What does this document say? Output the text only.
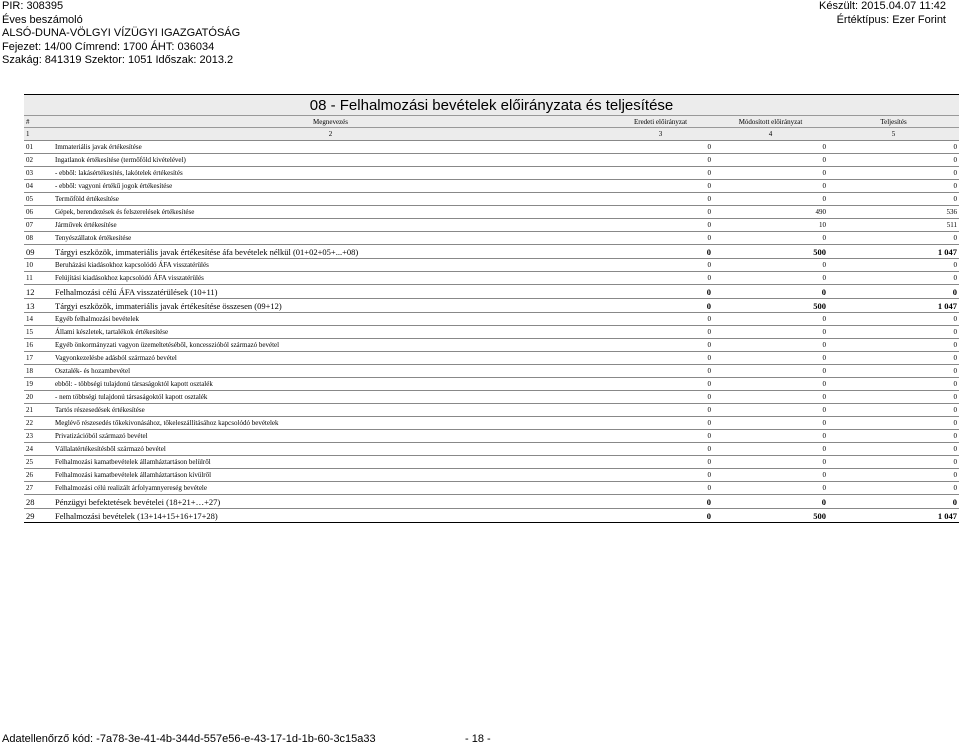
PIR: 308395
Éves beszámoló
ALSÓ-DUNA-VÖLGYI VÍZÜGYI IGAZGATÓSÁG
Fejezet: 14/00 Címrend: 1700 ÁHT: 036034
Szakág: 841319 Szektor: 1051 Időszak: 2013.2
Készült: 2015.04.07 11:42
Értéktípus: Ezer Forint
08 - Felhalmozási bevételek előirányzata és teljesítése				
#	Megnevezés	Eredeti előirányzat	Módosított előirányzat	Teljesítés
1	2	3	4	5
01	Immateriális javak értékesítése	0	0	0
02	Ingatlanok értékesítése (termőföld kivételével)	0	0	0
03	- ebből: lakásértékesítés, lakótelek értékesítés	0	0	0
04	- ebből: vagyoni értékű jogok értékesítése	0	0	0
05	Termőföld értékesítése	0	0	0
06	Gépek, berendezések és felszerelések értékesítése	0	490	536
07	Járművek értékesítése	0	10	511
08	Tenyészállatok értékesítése	0	0	0
09	Tárgyi eszközök, immateriális javak értékesítése áfa bevételek nélkül (01+02+05+...+08)	0	500	1 047
10	Beruházási kiadásokhoz kapcsolódó ÁFA visszatérülés	0	0	0
11	Felújítási kiadásokhoz kapcsolódó ÁFA visszatérülés	0	0	0
12	Felhalmozási célú ÁFA visszatérülések (10+11)	0	0	0
13	Tárgyi eszközök, immateriális javak értékesítése összesen (09+12)	0	500	1 047
14	Egyéb felhalmozási bevételek	0	0	0
15	Állami készletek, tartalékok értékesítése	0	0	0
16	Egyéb önkormányzati vagyon üzemeltetéséből, koncesszióból származó bevétel	0	0	0
17	Vagyonkezelésbe adásból származó bevétel	0	0	0
18	Osztalék- és hozambevétel	0	0	0
19	ebből: - többségi tulajdonú társaságoktól kapott osztalék	0	0	0
20	- nem többségi tulajdonú társaságoktól kapott osztalék	0	0	0
21	Tartós részesedések értékesítése	0	0	0
22	Meglévő részesedés tőkekivonásához, tőkeleszállításához kapcsolódó bevételek	0	0	0
23	Privatizációból származó bevétel	0	0	0
24	Vállalatértékesítésből származó bevétel	0	0	0
25	Felhalmozási kamatbevételek államháztartáson belülről	0	0	0
26	Felhalmozási kamatbevételek államháztartáson kívülről	0	0	0
27	Felhalmozási célú realizált árfolyamnyereség bevétele	0	0	0
28	Pénzügyi befektetések bevételei (18+21+…+27)	0	0	0
29	Felhalmozási bevételek (13+14+15+16+17+28)	0	500	1 047
Adatellenőrző kód: -7a78-3e-41-4b-344d-557e56-e-43-17-1d-1b-60-3c15a33	- 18 -
